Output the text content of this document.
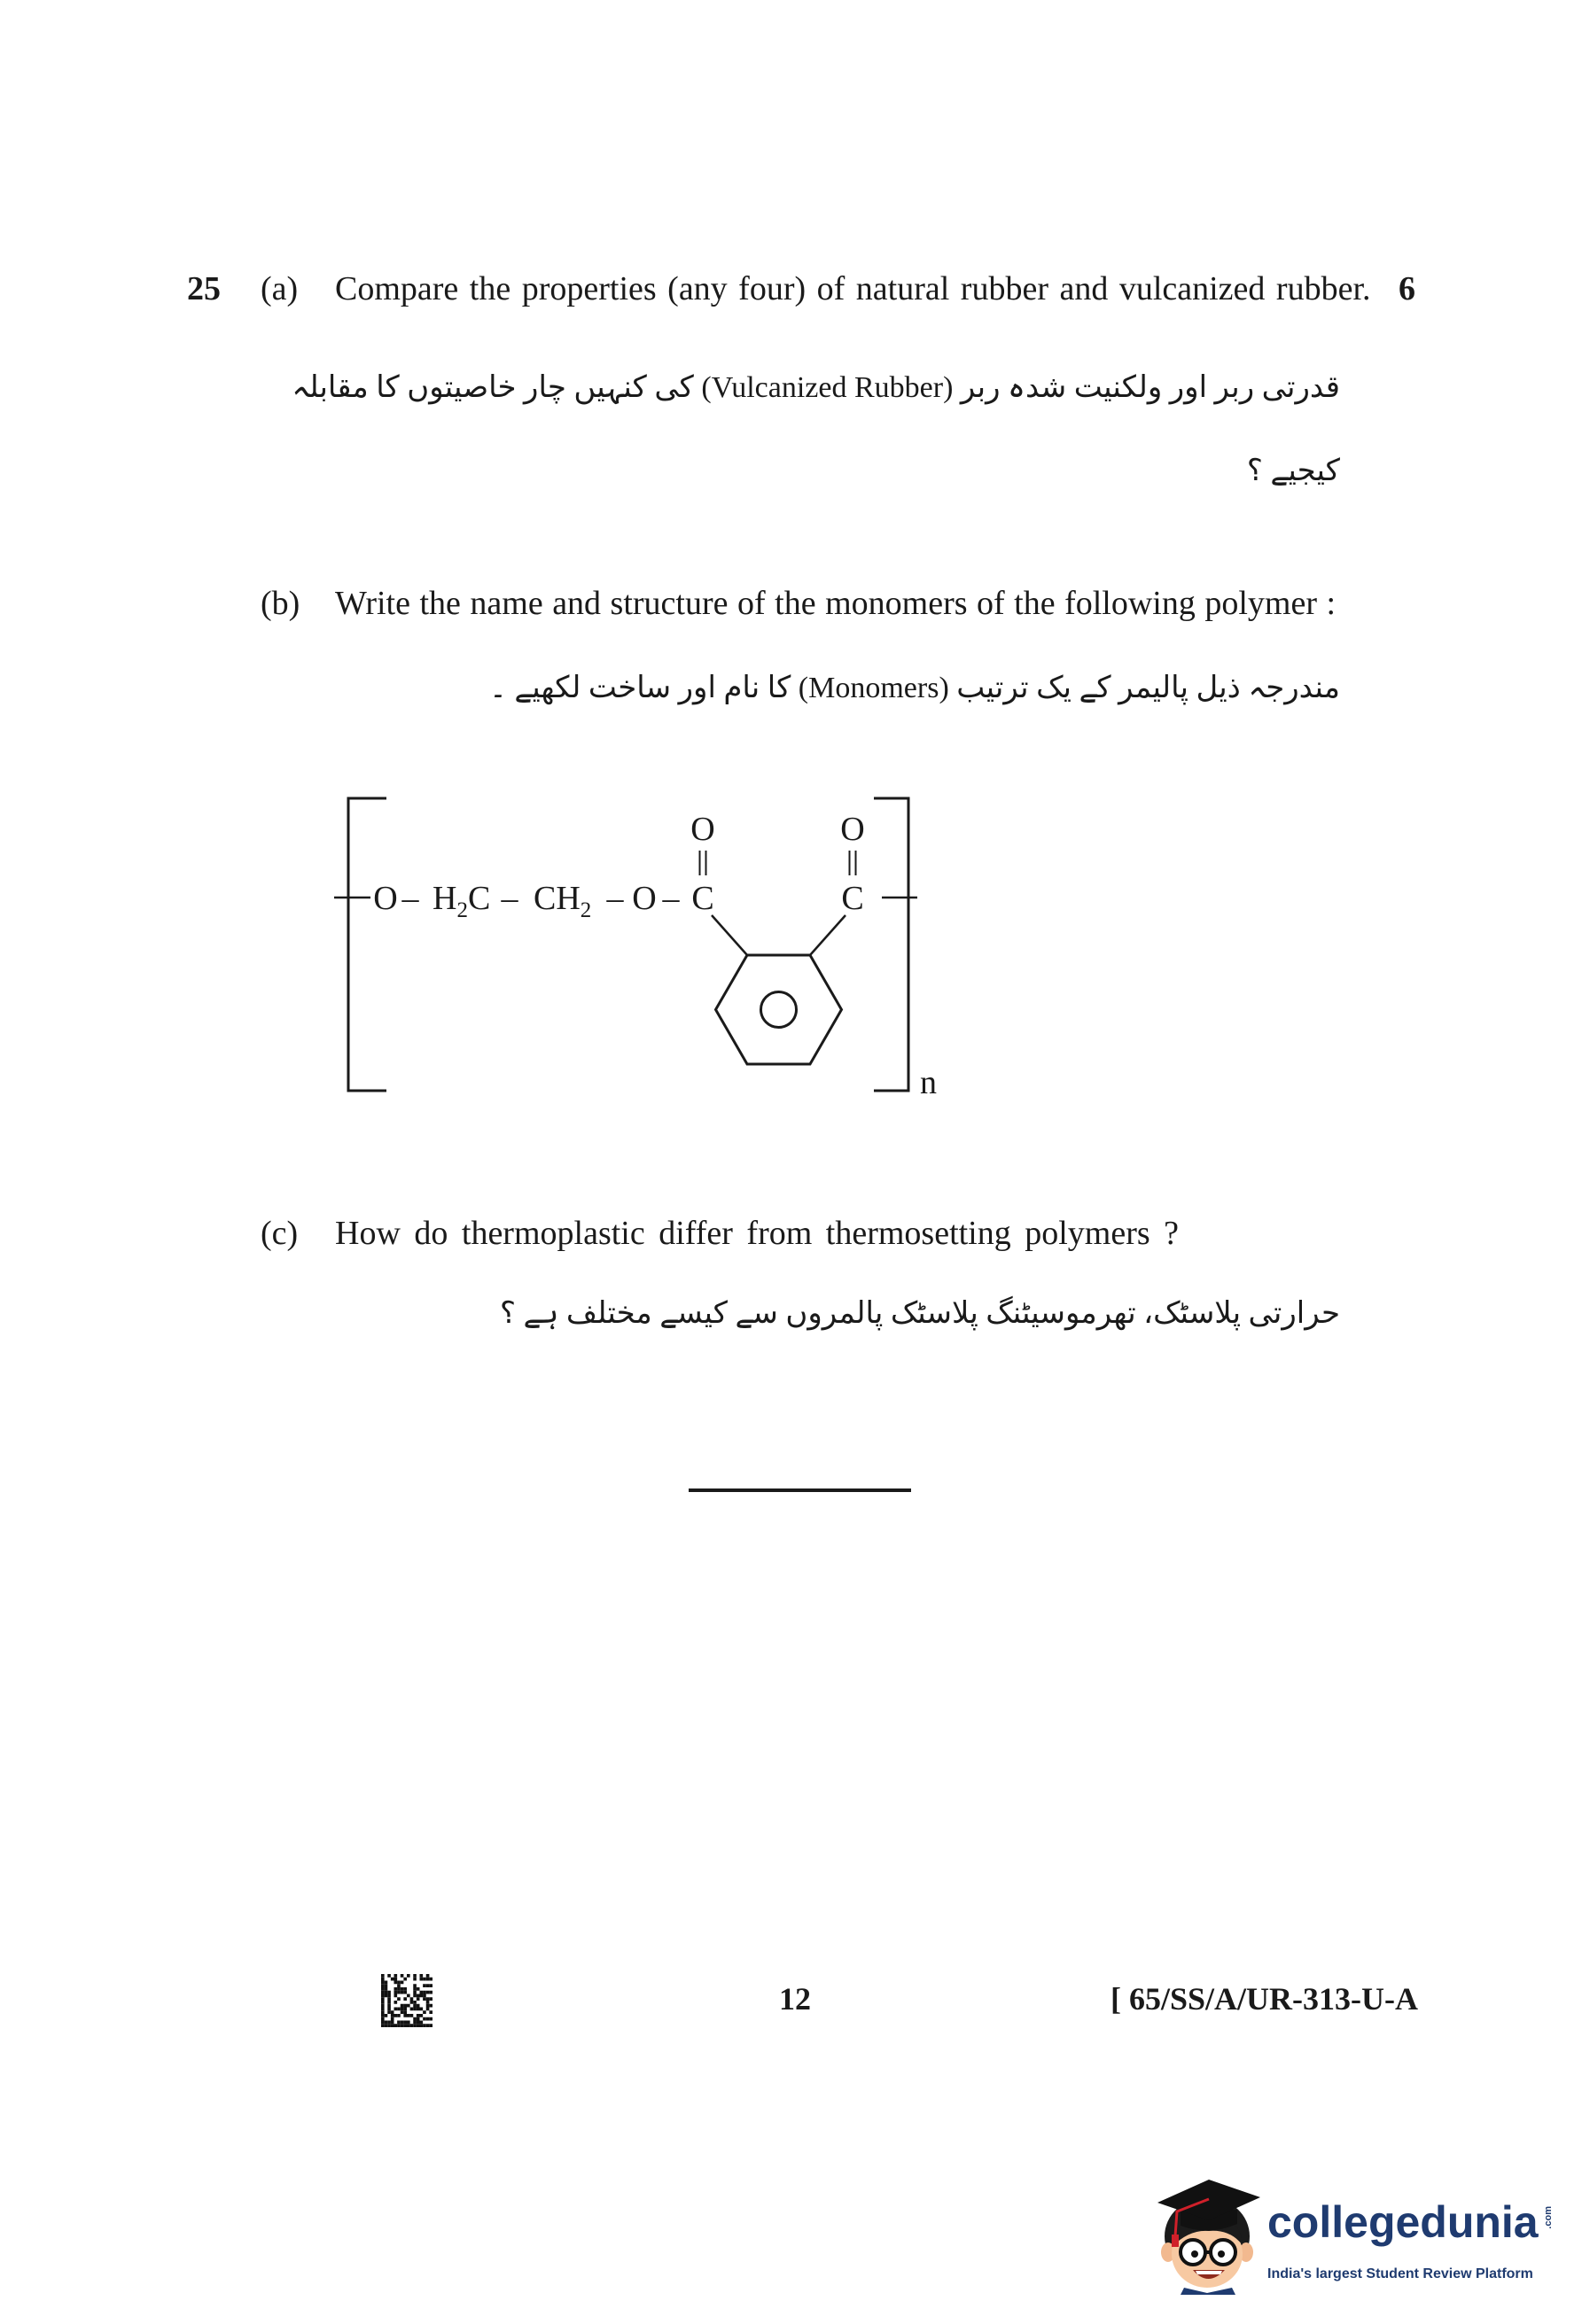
25 (a) Compare the properties (any four) of natural rubber and vulcanized rubber. 6
قدرتی ربر اور ولکنیت شدہ ربر (Vulcanized Rubber) کی کنہیں چار خاصیتوں کا مقابلہ
کیجیے ؟
(b) Write the name and structure of the monomers of the following polymer :
مندرجہ ذیل پالیمر کے یک ترتیب (Monomers) کا نام اور ساخت لکھیے ۔
O – $H_2C - CH_2$ – O –
O
C
O
C
n
(c) How do thermoplastic differ from thermosetting polymers ?
حرارتی پلاسٹک، تھرموسیٹنگ پلاسٹک پالمروں سے کیسے مختلف ہے ؟
12	[ 65/SS/A/UR-313-U-A
collegedunia .com
India's largest Student Review Platform
